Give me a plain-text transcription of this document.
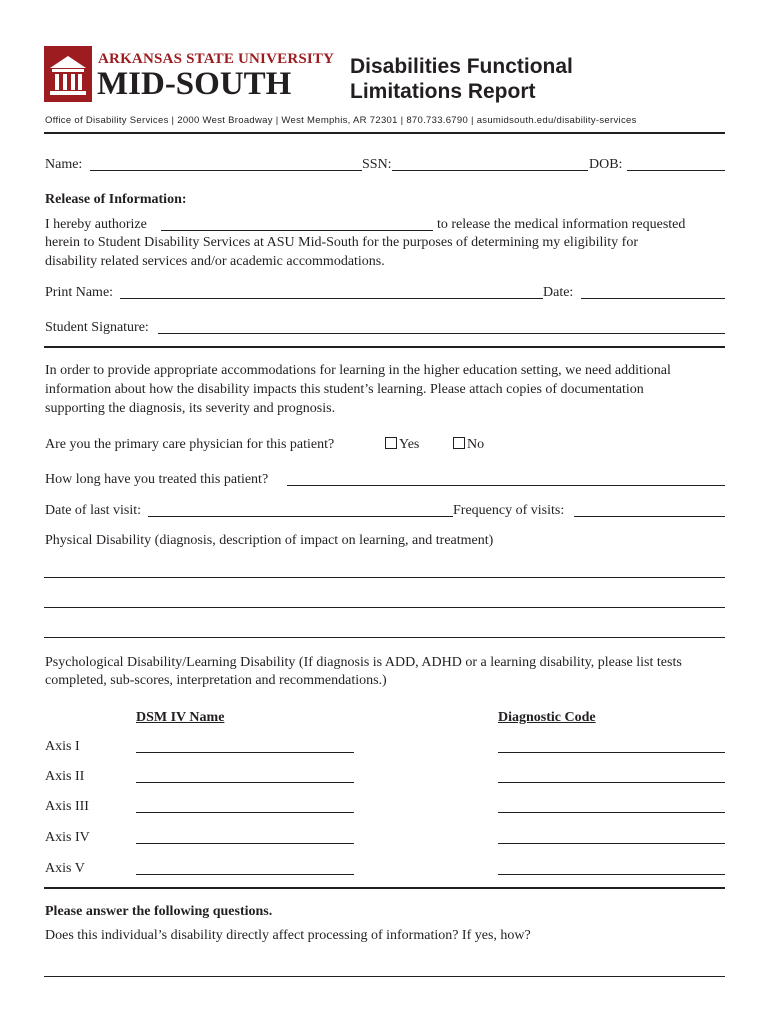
ARKANSAS STATE UNIVERSITY
MID-SOUTH	Disabilities Functional
Limitations Report
Office of Disability Services | 2000 West Broadway | West Memphis, AR 72301 | 870.733.6790 | asumidsouth.edu/disability-services
Name:	SSN:	DOB:
Release of Information:
I hereby authorize	to release the medical information requested
herein to Student Disability Services at ASU Mid-South for the purposes of determining my eligibility for
disability related services and/or academic accommodations.
Print Name:	Date:
Student Signature:
In order to provide appropriate accommodations for learning in the higher education setting, we need additional
information about how the disability impacts this student’s learning. Please attach copies of documentation
supporting the diagnosis, its severity and prognosis.
Are you the primary care physician for this patient?	Yes	No
How long have you treated this patient?
Date of last visit:	Frequency of visits:
Physical Disability (diagnosis, description of impact on learning, and treatment)
Psychological Disability/Learning Disability (If diagnosis is ADD, ADHD or a learning disability, please list tests
completed, sub-scores, interpretation and recommendations.)
DSM IV Name	Diagnostic Code
Axis I
Axis II
Axis III
Axis IV
Axis V
Please answer the following questions.
Does this individual’s disability directly affect processing of information? If yes, how?
